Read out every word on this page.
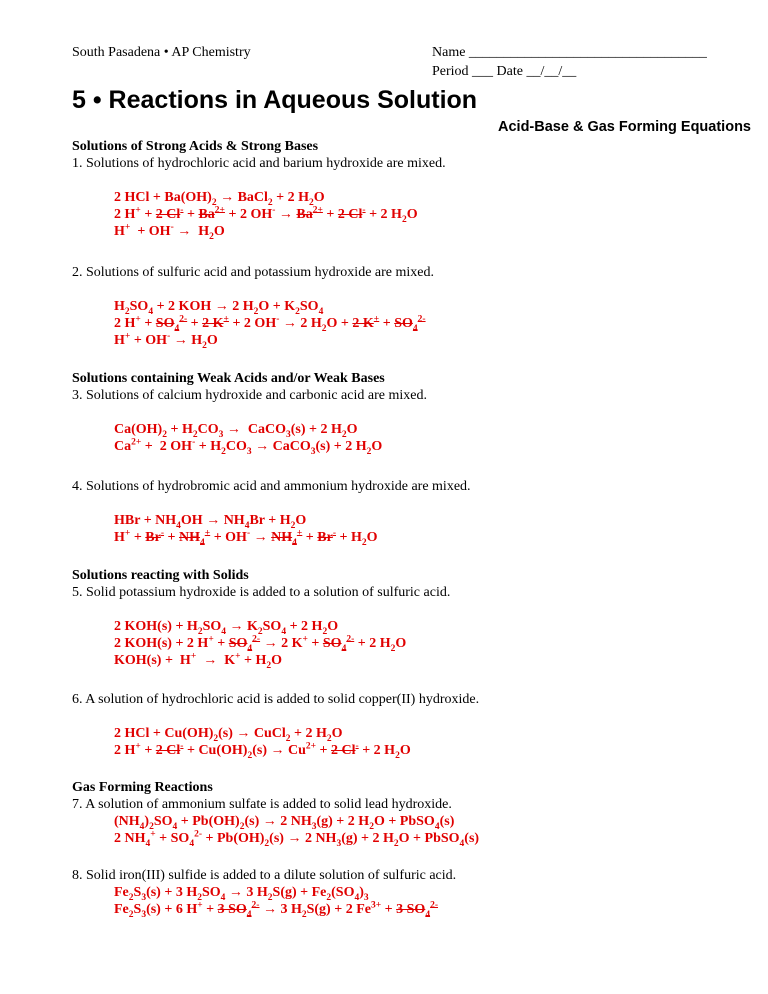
South Pasadena • AP Chemistry	Name __________________________________
Period ___ Date __/__/__
5 • Reactions in Aqueous Solution
Acid-Base & Gas Forming Equations
Solutions of Strong Acids & Strong Bases
1. Solutions of hydrochloric acid and barium hydroxide are mixed.
2 HCl + $Ba(OH)_2$ → BaCl$_2$ + 2 $H_2O$
2 H+ + 2 $Cl^- + Ba^{2+} + 2$ $OH^- \to Ba^{2+} + 2$ Cl- + 2 $H_2O$
$H^+ + OH^- \to H_2O$
2. Solutions of sulfuric acid and potassium hydroxide are mixed.
$H_2SO_4 + 2$ KOH → 2 $H_2O + K_2SO_4$
2 $H^+ + SO_4^{2-} + 2$ K+ + 2 OH- → 2 $H_2O + 2$ $K^+ + SO_4^{2-}$
$H^+ + OH^- \to H_2O$
Solutions containing Weak Acids and/or Weak Bases
3. Solutions of calcium hydroxide and carbonic acid are mixed.
$Ca(OH)_2 + H_2CO_3$ →  CaCO$_3$(s) + 2 $H_2O$
$Ca^{2+} + 2$ $OH^- + H_2CO_3$ → CaCO$_3$(s) + 2 $H_2O$
4. Solutions of hydrobromic acid and ammonium hydroxide are mixed.
HBr + $NH_4OH \to NH_4Br + H_2O$
$H^+ + Br^- + NH_4^+ + OH^- \to NH_4^+ + Br^- + H_2O$
Solutions reacting with Solids
5. Solid potassium hydroxide is added to a solution of sulfuric acid.
2 $KOH(s) + H_2SO_4 \to K_2SO_4 + 2$ $H_2O$
2 KOH(s) + 2 $H^+ + SO_4^{2-} \to 2$ $K^+ + SO_4^{2-} + 2$ $H_2O$
$KOH(s) + H^+ \to K^+ + H_2O$
6. A solution of hydrochloric acid is added to solid copper(II) hydroxide.
2 HCl + $Cu(OH)_2(s)$ → CuCl$_2$ + 2 $H_2O$
2 H+ + 2 $Cl^- + Cu(OH)_2(s) \to Cu^{2+} + 2$ Cl- + 2 $H_2O$
Gas Forming Reactions
7. A solution of ammonium sulfate is added to solid lead hydroxide.
$(NH_4)_2SO_4 + Pb(OH)_2(s) \to 2$ $NH_3(g) + 2$ $H_2O$ + PbSO$_4$(s)
2 $NH_4^+ + SO_4^{2-} + Pb(OH)_2(s) \to 2$ $NH_3(g) + 2$ $H_2O$ + PbSO$_4$(s)
8. Solid iron(III) sulfide is added to a dilute solution of sulfuric acid.
$Fe_2S_3(s) + 3$ $H_2SO_4 \to 3$ $H_2S(g) + Fe_2(SO_4)_3$
$Fe_2S_3(s) + 6$ H+ + 3 $SO_4^{2-} \to 3$ $H_2S(g) + 2$ $Fe^{3+} + 3$ $SO_4^{2-}$
